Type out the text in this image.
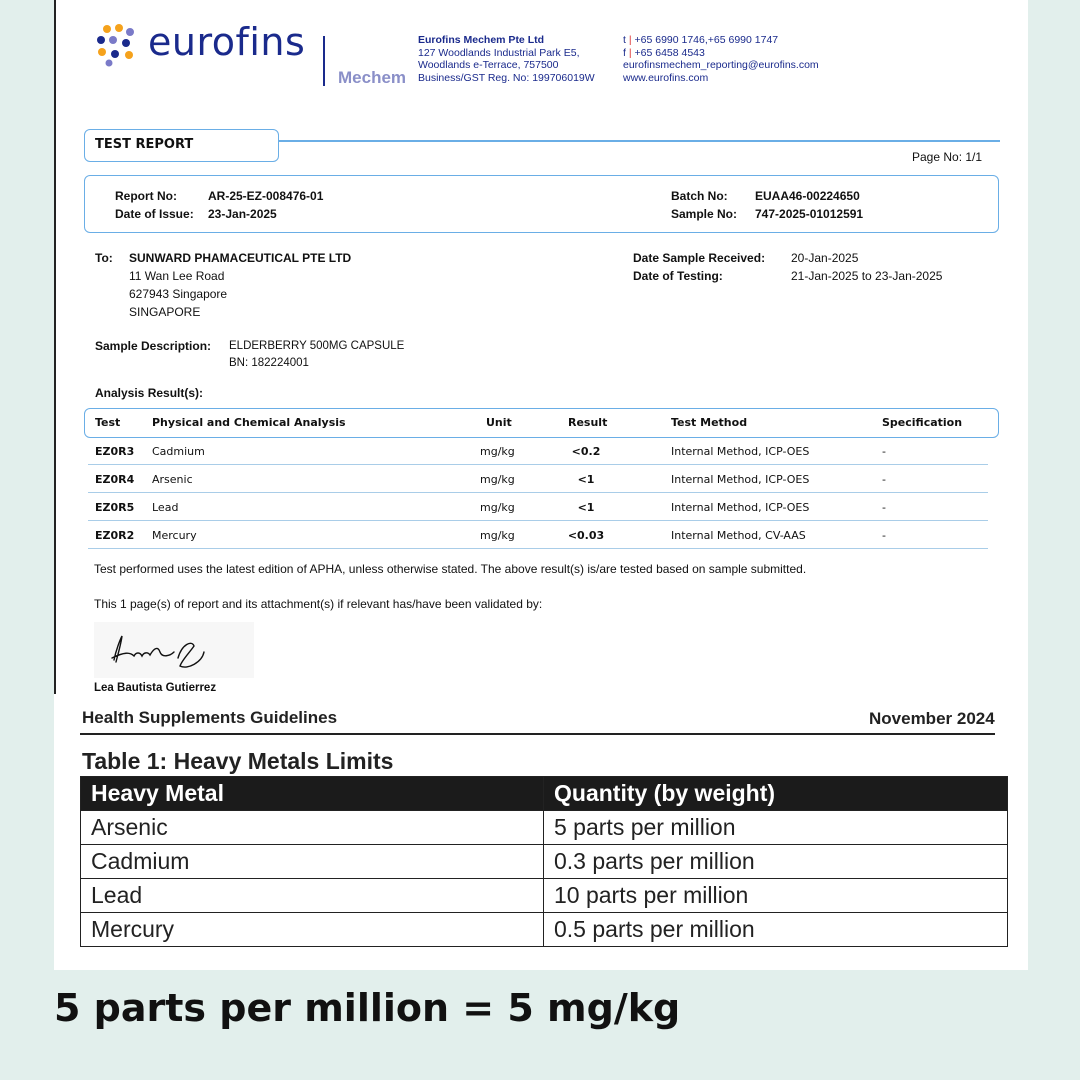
eurofins
Mechem
Eurofins Mechem Pte Ltd
127 Woodlands Industrial Park E5,
Woodlands e-Terrace, 757500
Business/GST Reg. No: 199706019W
t | +65 6990 1746,+65 6990 1747
f | +65 6458 4543
eurofinsmechem_reporting@eurofins.com
www.eurofins.com
TEST REPORT
Page No: 1/1
Report No:	AR-25-EZ-008476-01
Date of Issue: 23-Jan-2025
Batch No: EUAA46-00224650
Sample No: 747-2025-01012591
To: SUNWARD PHAMACEUTICAL PTE LTD
11 Wan Lee Road
627943 Singapore
SINGAPORE
Date Sample Received: 20-Jan-2025
Date of Testing:	21-Jan-2025 to 23-Jan-2025
Sample Description: ELDERBERRY 500MG CAPSULE
BN: 182224001
Analysis Result(s):
Test	Physical and Chemical Analysis	Unit	Result	Test Method	Specification
EZ0R3 Cadmium	mg/kg	<0.2	Internal Method, ICP-OES	-
EZ0R4 Arsenic	mg/kg	<1	Internal Method, ICP-OES	-
EZ0R5 Lead	mg/kg	<1	Internal Method, ICP-OES	-
EZ0R2 Mercury	mg/kg	<0.03	Internal Method, CV-AAS	-
Test performed uses the latest edition of APHA, unless otherwise stated. The above result(s) is/are tested based on sample submitted.
This 1 page(s) of report and its attachment(s) if relevant has/have been validated by:
Lea Bautista Gutierrez
Health Supplements Guidelines	November 2024
Table 1: Heavy Metals Limits
Heavy Metal	Quantity (by weight)
Arsenic	5 parts per million
Cadmium	0.3 parts per million
Lead	10 parts per million
Mercury	0.5 parts per million
5 parts per million = 5 mg/kg
